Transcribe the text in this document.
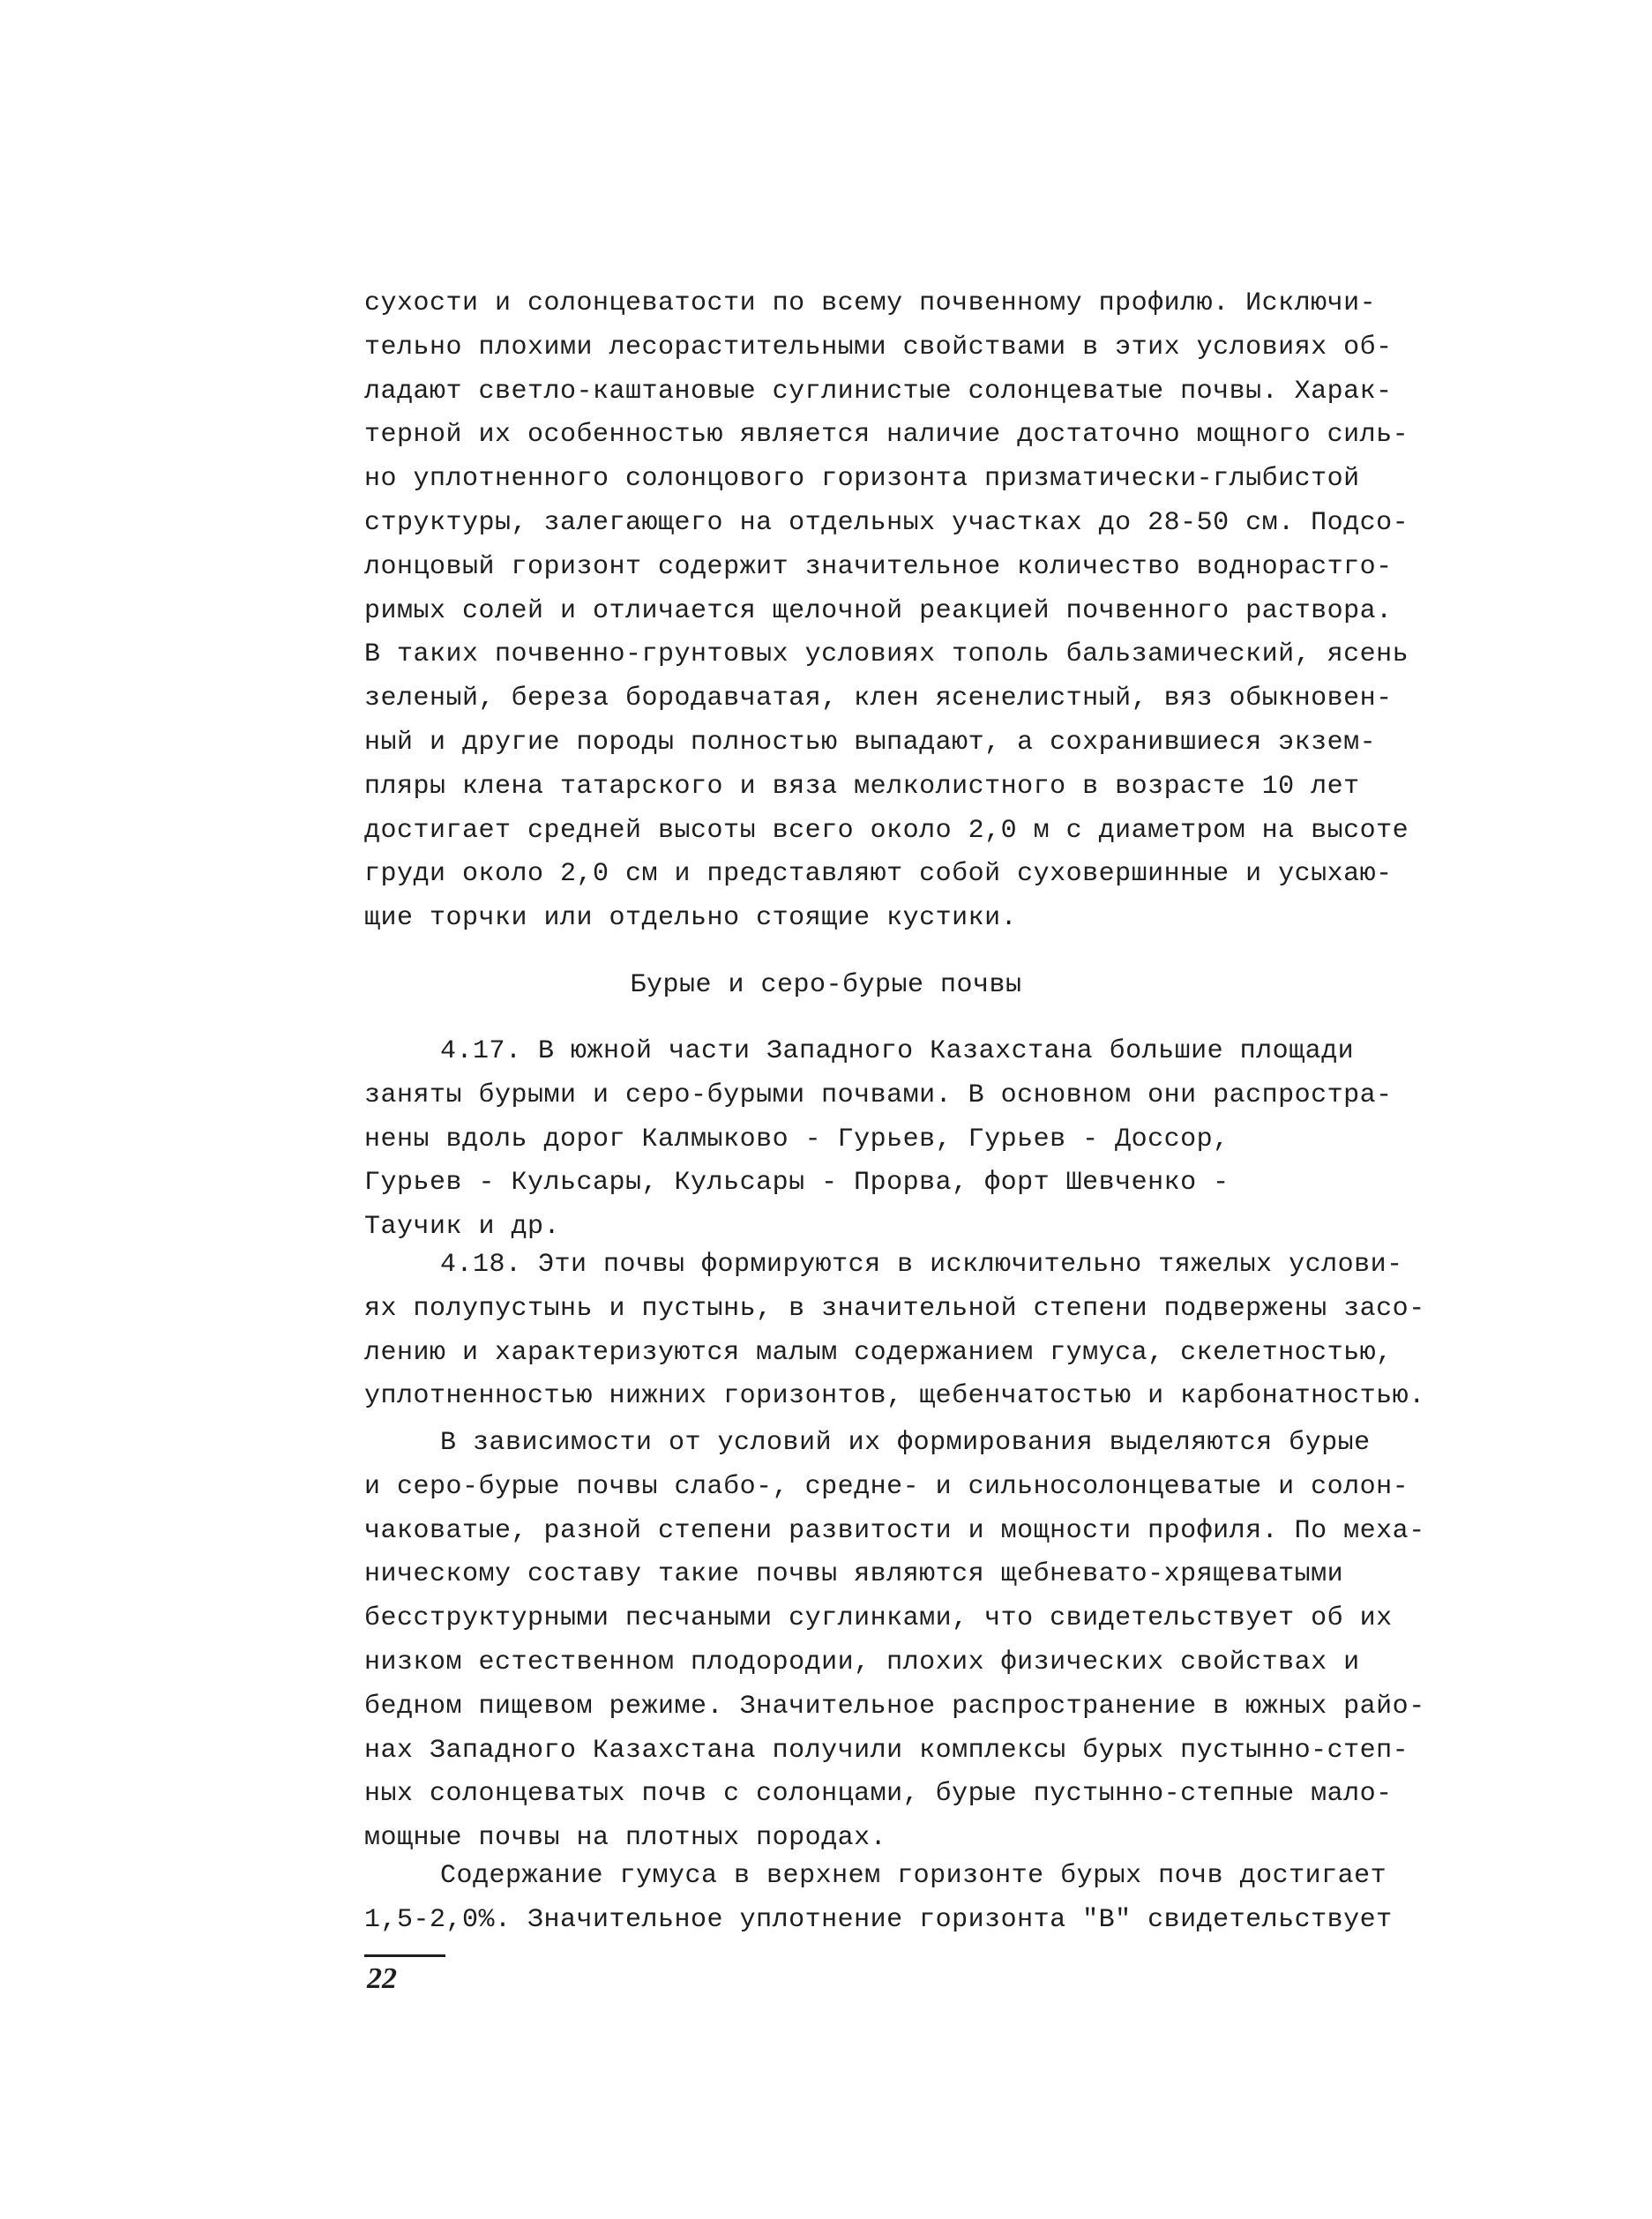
сухости и солонцеватости по всему почвенному профилю. Исключи-
тельно плохими лесорастительными свойствами в этих условиях об-
ладают светло-каштановые суглинистые солонцеватые почвы. Харак-
терной их особенностью является наличие достаточно мощного силь-
но уплотненного солонцового горизонта призматически-глыбистой
структуры, залегающего на отдельных участках до 28-50 см. Подсо-
лонцовый горизонт содержит значительное количество воднорастго-
римых солей и отличается щелочной реакцией почвенного раствора.
В таких почвенно-грунтовых условиях тополь бальзамический, ясень
зеленый, береза бородавчатая, клен ясенелистный, вяз обыкновен-
ный и другие породы полностью выпадают, а сохранившиеся экзем-
пляры клена татарского и вяза мелколистного в возрасте 10 лет
достигает средней высоты всего около 2,0 м с диаметром на высоте
груди около 2,0 см и представляют собой суховершинные и усыхаю-
щие торчки или отдельно стоящие кустики.
Бурые и серо-бурые почвы
4.17. В южной части Западного Казахстана большие площади
заняты бурыми и серо-бурыми почвами. В основном они распростра-
нены вдоль дорог Калмыково - Гурьев, Гурьев - Доссор,
Гурьев - Кульсары, Кульсары - Прорва, форт Шевченко -
Таучик и др.
4.18. Эти почвы формируются в исключительно тяжелых услови-
ях полупустынь и пустынь, в значительной степени подвержены засо-
лению и характеризуются малым содержанием гумуса, скелетностью,
уплотненностью нижних горизонтов, щебенчатостью и карбонатностью.
В зависимости от условий их формирования выделяются бурые
и серо-бурые почвы слабо-, средне- и сильносолонцеватые и солон-
чаковатые, разной степени развитости и мощности профиля. По меха-
ническому составу такие почвы являются щебневато-хрящеватыми
бесструктурными песчаными суглинками, что свидетельствует об их
низком естественном плодородии, плохих физических свойствах и
бедном пищевом режиме. Значительное распространение в южных райо-
нах Западного Казахстана получили комплексы бурых пустынно-степ-
ных солонцеватых почв с солонцами, бурые пустынно-степные мало-
мощные почвы на плотных породах.
Содержание гумуса в верхнем горизонте бурых почв достигает
1,5-2,0%. Значительное уплотнение горизонта "В" свидетельствует
22
